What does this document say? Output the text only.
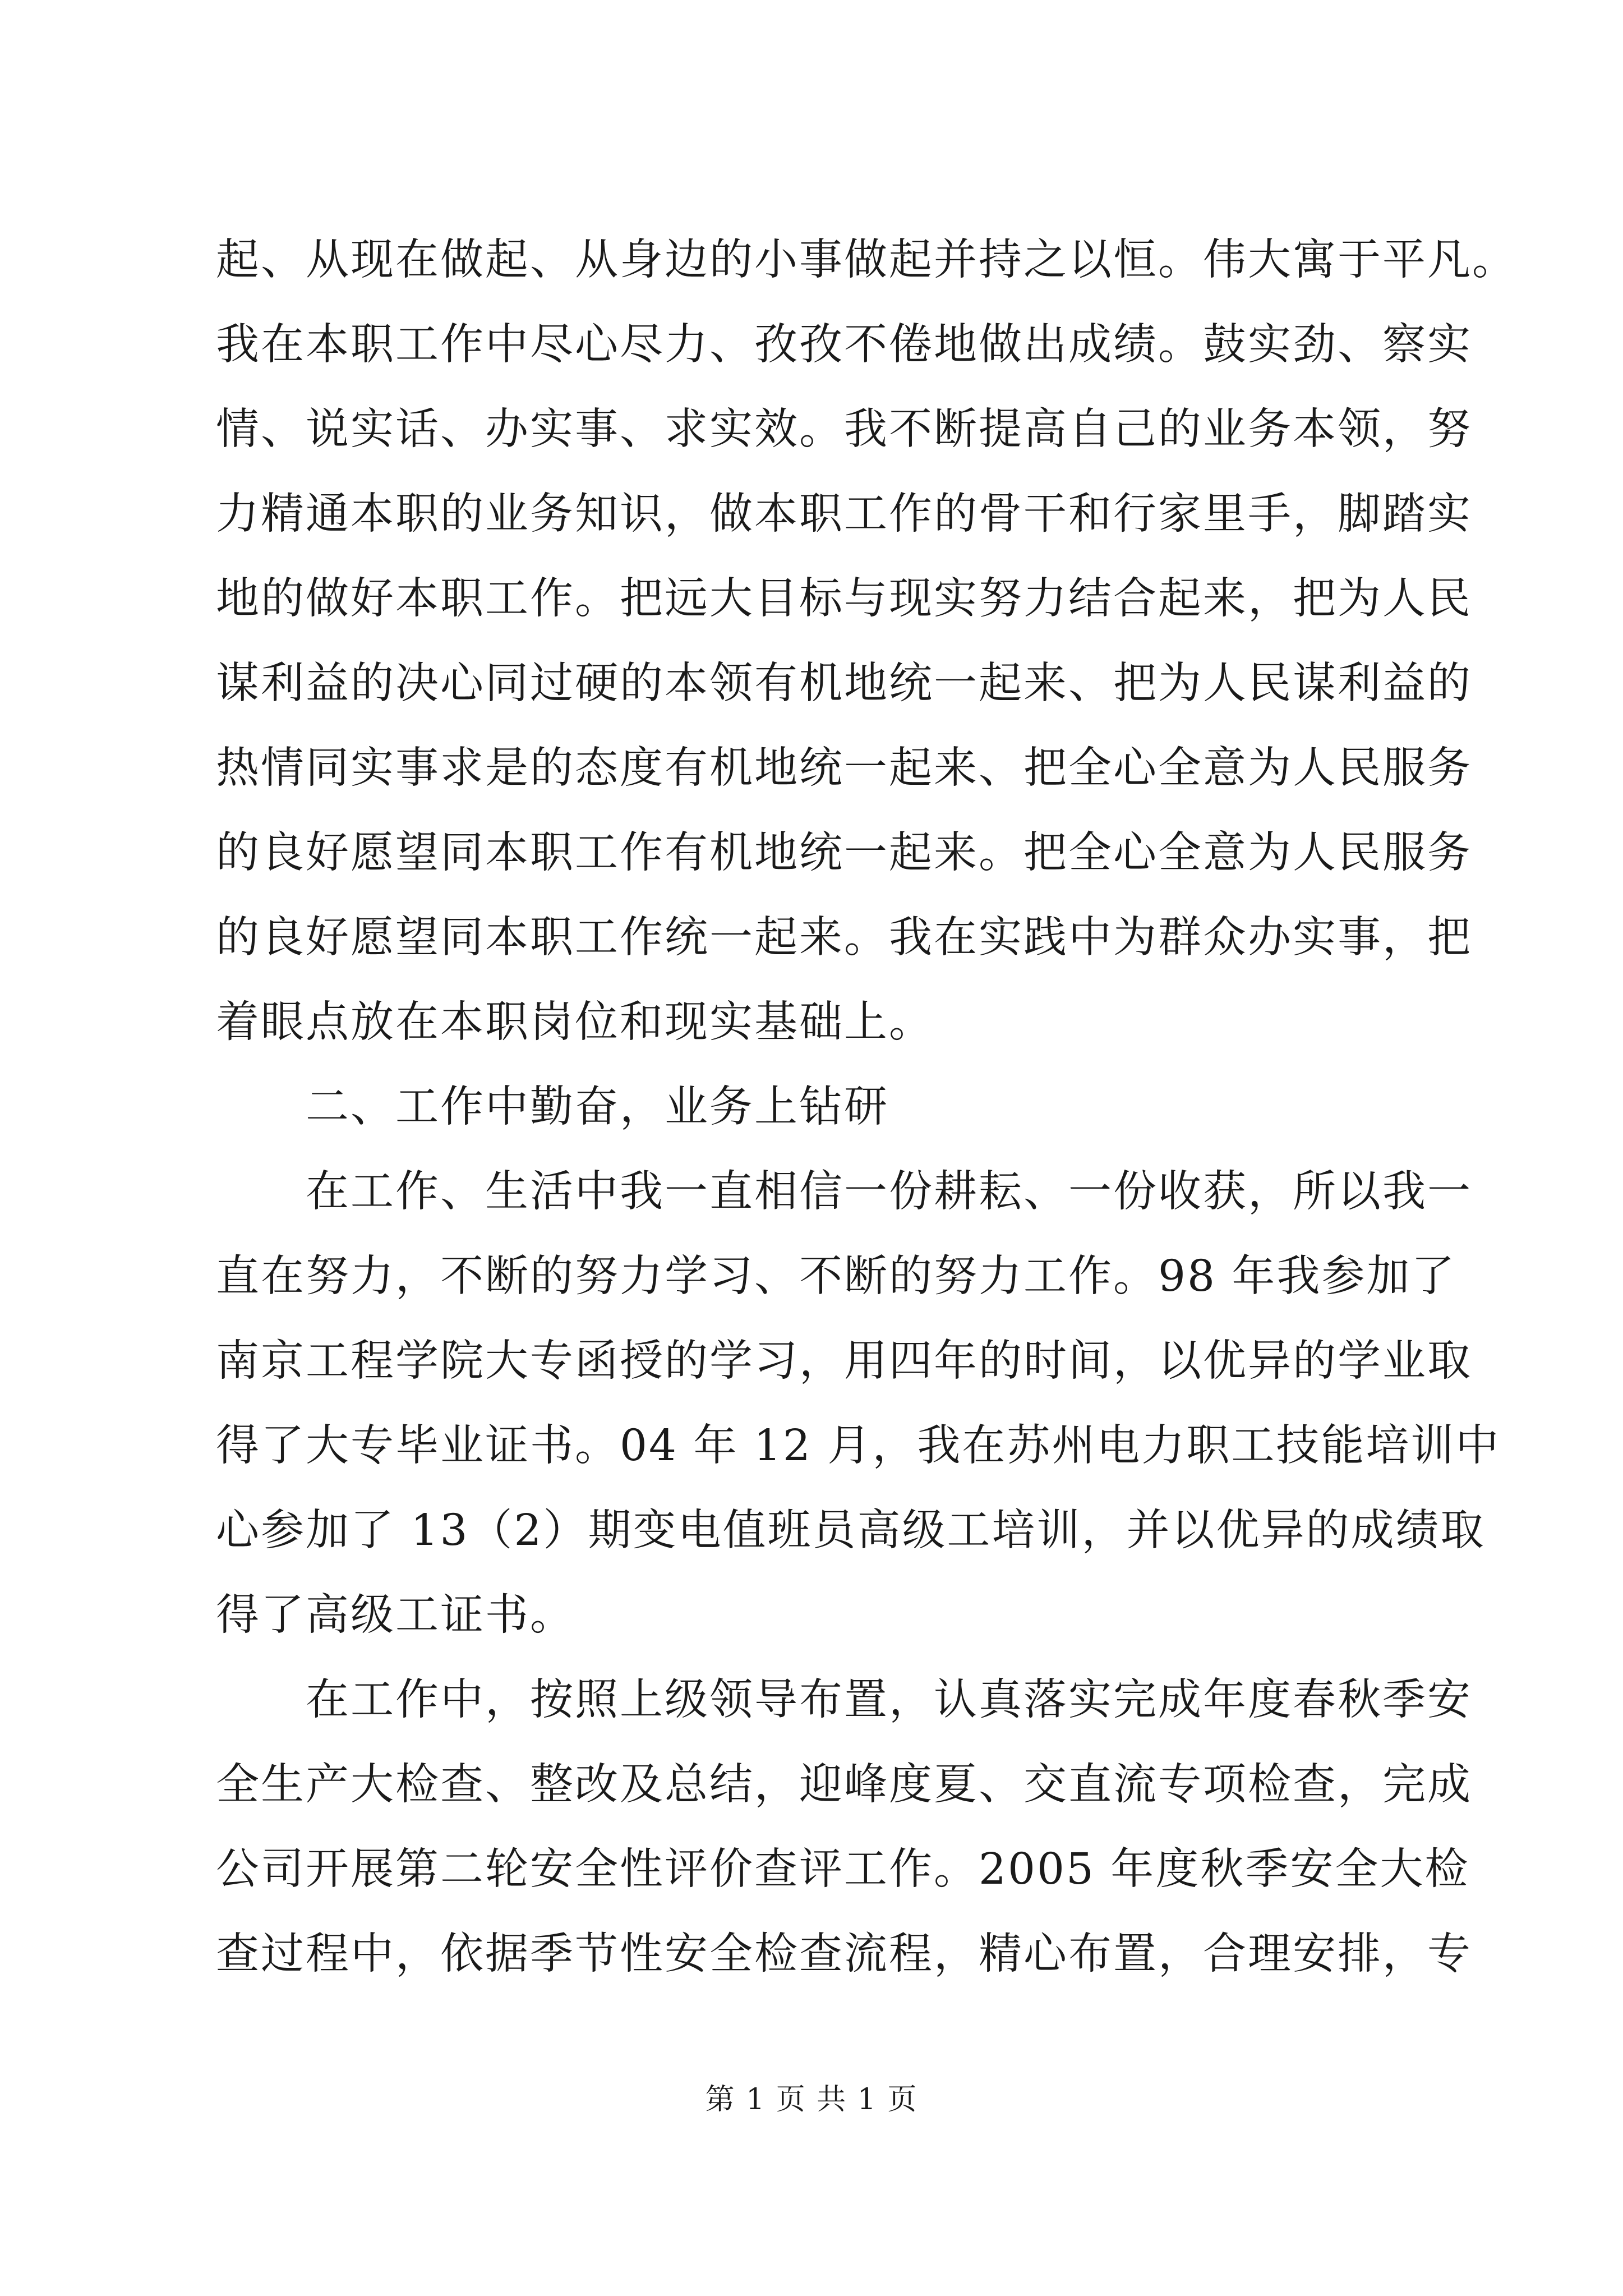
起、从现在做起、从身边的小事做起并持之以恒。伟大寓于平凡。
我在本职工作中尽心尽力、孜孜不倦地做出成绩。鼓实劲、察实
情、说实话、办实事、求实效。我不断提高自己的业务本领，努
力精通本职的业务知识，做本职工作的骨干和行家里手，脚踏实
地的做好本职工作。把远大目标与现实努力结合起来，把为人民
谋利益的决心同过硬的本领有机地统一起来、把为人民谋利益的
热情同实事求是的态度有机地统一起来、把全心全意为人民服务
的良好愿望同本职工作有机地统一起来。把全心全意为人民服务
的良好愿望同本职工作统一起来。我在实践中为群众办实事，把
着眼点放在本职岗位和现实基础上。
二、工作中勤奋，业务上钻研
在工作、生活中我一直相信一份耕耘、一份收获，所以我一
直在努力，不断的努力学习、不断的努力工作。98 年我参加了
南京工程学院大专函授的学习，用四年的时间，以优异的学业取
得了大专毕业证书。04 年 12 月，我在苏州电力职工技能培训中
心参加了 13（2）期变电值班员高级工培训，并以优异的成绩取
得了高级工证书。
在工作中，按照上级领导布置，认真落实完成年度春秋季安
全生产大检查、整改及总结，迎峰度夏、交直流专项检查，完成
公司开展第二轮安全性评价查评工作。2005 年度秋季安全大检
查过程中，依据季节性安全检查流程，精心布置，合理安排，专
第 1 页 共 1 页
